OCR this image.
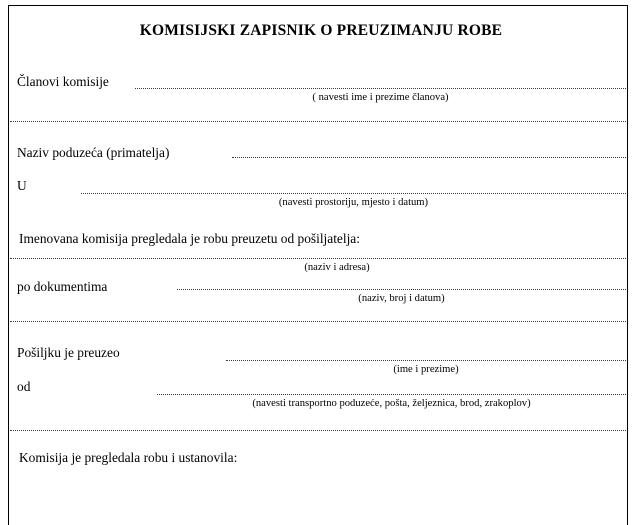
KOMISIJSKI ZAPISNIK O PREUZIMANJU ROBE
Članovi komisije
( navesti ime i prezime članova)
Naziv poduzeća (primatelja)
U
(navesti prostoriju, mjesto i datum)
Imenovana komisija pregledala je robu preuzetu od pošiljatelja:
(naziv i adresa)
po dokumentima
(naziv, broj i datum)
Pošiljku je preuzeo
(ime i prezime)
od
(navesti transportno poduzeće, pošta, željeznica, brod, zrakoplov)
Komisija je pregledala robu i ustanovila:
